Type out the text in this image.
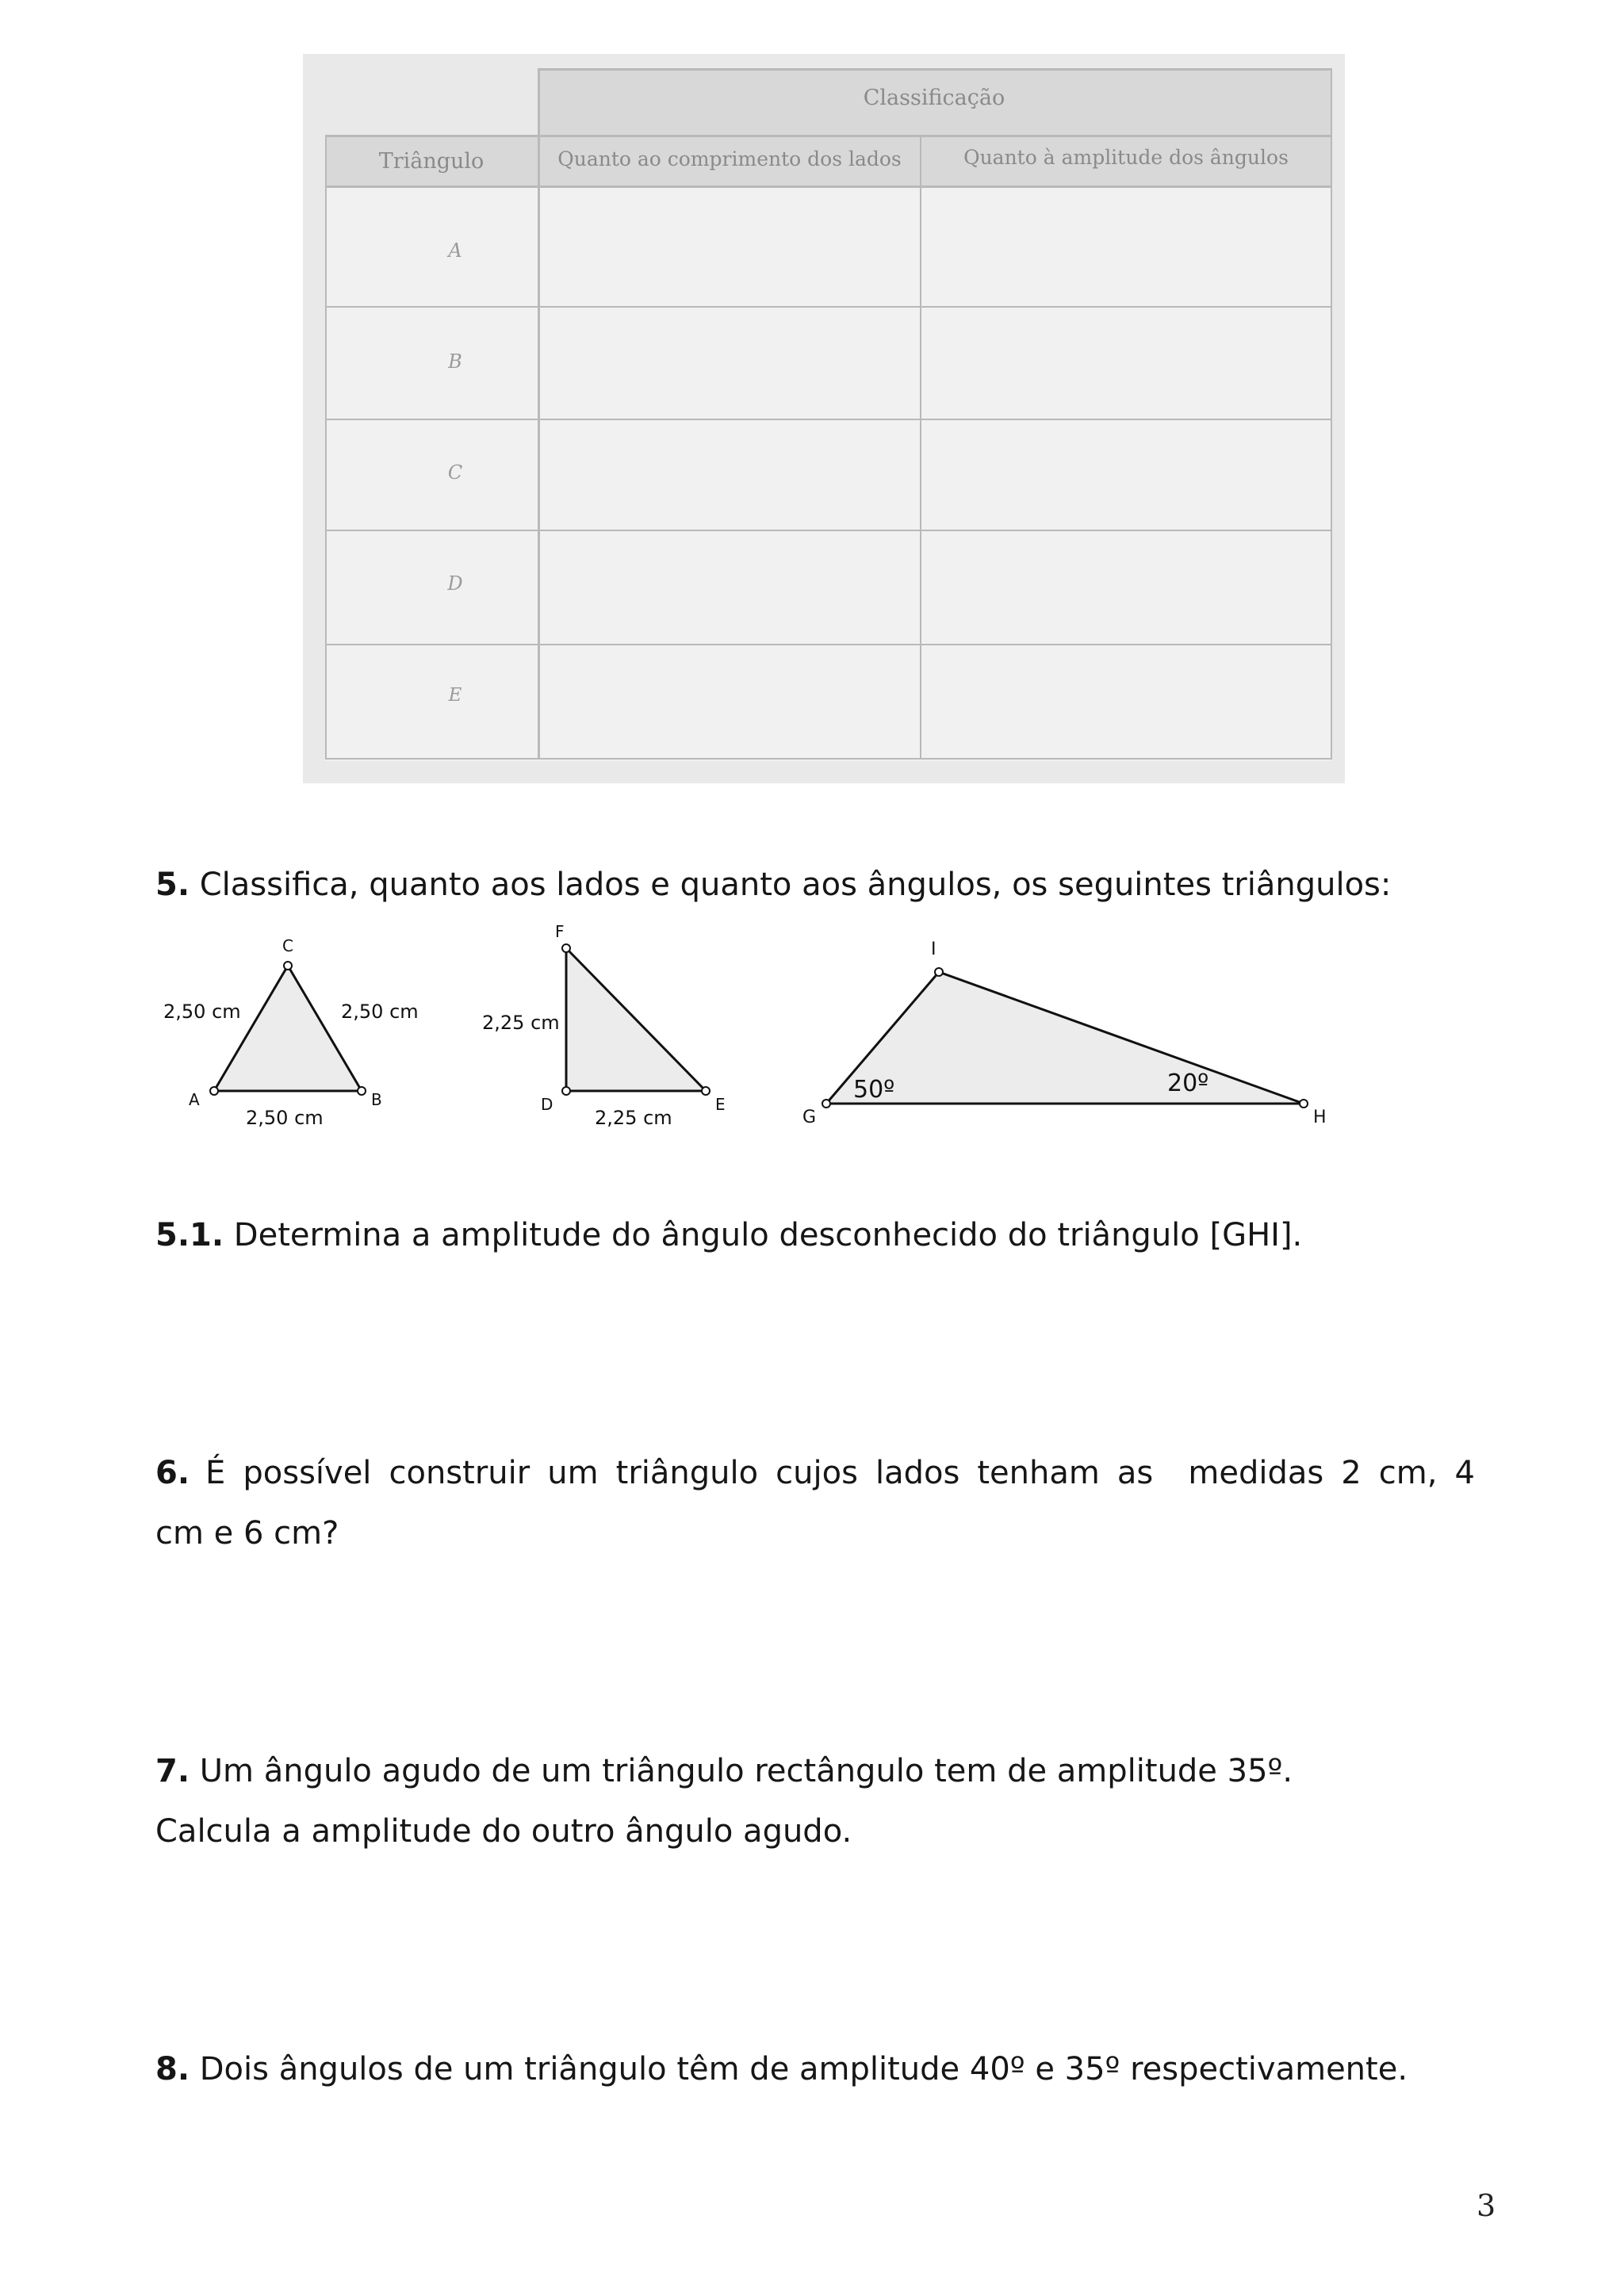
Classificação
Triângulo	Quanto ao comprimento dos lados	Quanto à amplitude dos ângulos
A
B
C
D
E
5. Classifica, quanto aos lados e quanto aos ângulos, os seguintes triângulos:
C
A	B
2,50 cm	2,50 cm
2,50 cm
F
D	E
2,25 cm
2,25 cm
I
G	H
50º	20º
5.1. Determina a amplitude do ângulo desconhecido do triângulo [GHI].
6. É possível construir um triângulo cujos lados tenham as  medidas 2 cm, 4
cm e 6 cm?
7. Um ângulo agudo de um triângulo rectângulo tem de amplitude 35º.
Calcula a amplitude do outro ângulo agudo.
8. Dois ângulos de um triângulo têm de amplitude 40º e 35º respectivamente.
3
